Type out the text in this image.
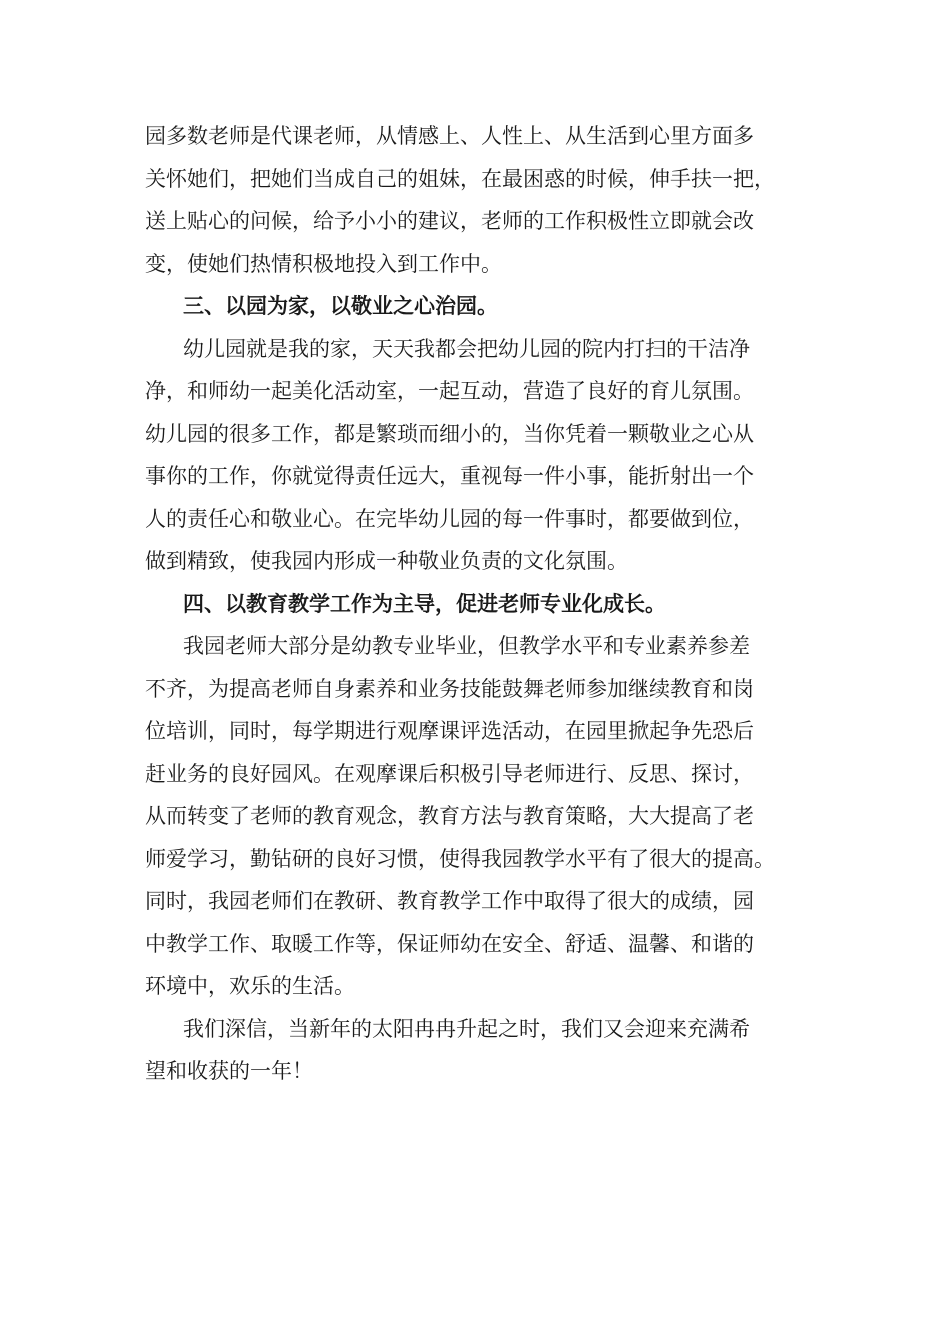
园多数老师是代课老师，从情感上、人性上、从生活到心里方面多
关怀她们，把她们当成自己的姐妹，在最困惑的时候，伸手扶一把，
送上贴心的问候，给予小小的建议，老师的工作积极性立即就会改
变，使她们热情积极地投入到工作中。

三、以园为家，以敬业之心治园。

幼儿园就是我的家，天天我都会把幼儿园的院内打扫的干洁净
净，和师幼一起美化活动室，一起互动，营造了良好的育儿氛围。
幼儿园的很多工作，都是繁琐而细小的，当你凭着一颗敬业之心从
事你的工作，你就觉得责任远大，重视每一件小事，能折射出一个
人的责任心和敬业心。在完毕幼儿园的每一件事时，都要做到位，
做到精致，使我园内形成一种敬业负责的文化氛围。

四、以教育教学工作为主导，促进老师专业化成长。

我园老师大部分是幼教专业毕业，但教学水平和专业素养参差
不齐，为提高老师自身素养和业务技能鼓舞老师参加继续教育和岗
位培训，同时，每学期进行观摩课评选活动，在园里掀起争先恐后
赶业务的良好园风。在观摩课后积极引导老师进行、反思、探讨，
从而转变了老师的教育观念，教育方法与教育策略，大大提高了老
师爱学习，勤钻研的良好习惯，使得我园教学水平有了很大的提高。
同时，我园老师们在教研、教育教学工作中取得了很大的成绩，园
中教学工作、取暖工作等，保证师幼在安全、舒适、温馨、和谐的
环境中，欢乐的生活。

我们深信，当新年的太阳冉冉升起之时，我们又会迎来充满希
望和收获的一年！
